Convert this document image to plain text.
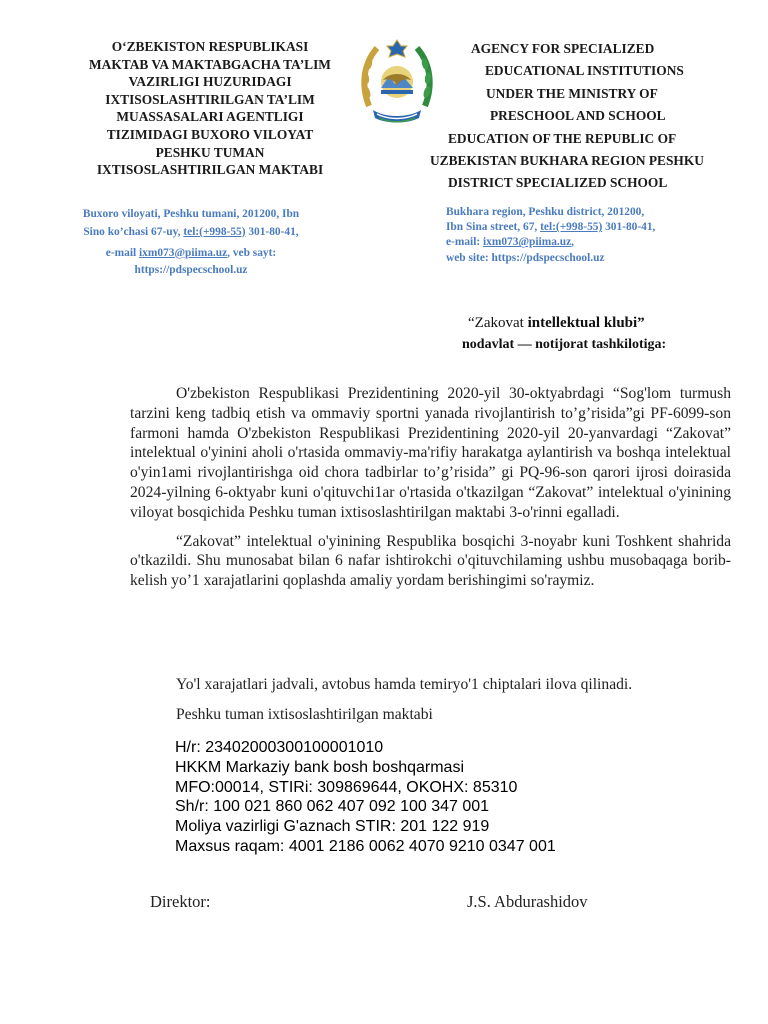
O‘ZBEKISTON RESPUBLIKASI
MAKTAB VA MAKTABGACHA TA’LIM
VAZIRLIGI HUZURIDAGI
IXTISOSLASHTIRILGAN TA’LIM
MUASSASALARI AGENTLIGI
TIZIMIDAGI BUXORO VILOYAT
PESHKU TUMAN
IXTISOSLASHTIRILGAN MAKTABI
AGENCY FOR SPECIALIZED
EDUCATIONAL INSTITUTIONS
UNDER THE MINISTRY OF
PRESCHOOL AND SCHOOL
EDUCATION OF THE REPUBLIC OF
UZBEKISTAN BUKHARA REGION PESHKU
DISTRICT SPECIALIZED SCHOOL
Buxoro viloyati, Peshku tumani, 201200, Ibn
Sino ko’chasi 67-uy, tel:(+998-55) 301-80-41,
e-mail ixm073@piima.uz, veb sayt:
https://pdspecschool.uz
Bukhara region, Peshku district, 201200,
Ibn Sina street, 67, tel:(+998-55) 301-80-41,
e-mail: ixm073@piima.uz,
web site: https://pdspecschool.uz
“Zakovat intellektual klubi”
nodavlat — notijorat tashkilotiga:

O'zbekiston Respublikasi Prezidentining 2020-yil 30-oktyabrdagi “Sog'lom turmush tarzini keng tadbiq etish va ommaviy sportni yanada rivojlantirish to’g’risida”gi PF-6099-son farmoni hamda O'zbekiston Respublikasi Prezidentining 2020-yil 20-yanvardagi “Zakovat” intelektual o'yinini aholi o'rtasida ommaviy-ma'rifiy harakatga aylantirish va boshqa intelektual o'yin1ami rivojlantirishga oid chora tadbirlar to’g’risida” gi PQ-96-son qarori ijrosi doirasida 2024-yilning 6-oktyabr kuni o'qituvchi1ar o'rtasida o'tkazilgan “Zakovat” intelektual o'yinining viloyat bosqichida Peshku tuman ixtisoslashtirilgan maktabi 3-o'rinni egalladi.

“Zakovat” intelektual o'yinining Respublika bosqichi 3-noyabr kuni Toshkent shahrida o'tkazildi. Shu munosabat bilan 6 nafar ishtirokchi o'qituvchilaming ushbu musobaqaga borib-kelish yo’1 xarajatlarini qoplashda amaliy yordam berishingimi so'raymiz.

Yo'l xarajatlari jadvali, avtobus hamda temiryo'1 chiptalari ilova qilinadi.
Peshku tuman ixtisoslashtirilgan maktabi
H/r: 23402000300100001010
HKKM Markaziy bank bosh boshqarmasi
MFO:00014, STIRi: 309869644, OKOHX: 85310
Sh/r: 100 021 860 062 407 092 100 347 001
Moliya vazirligi G'aznach STIR: 201 122 919
Maxsus raqam: 4001 2186 0062 4070 9210 0347 001
Direktor:	J.S. Abdurashidov
